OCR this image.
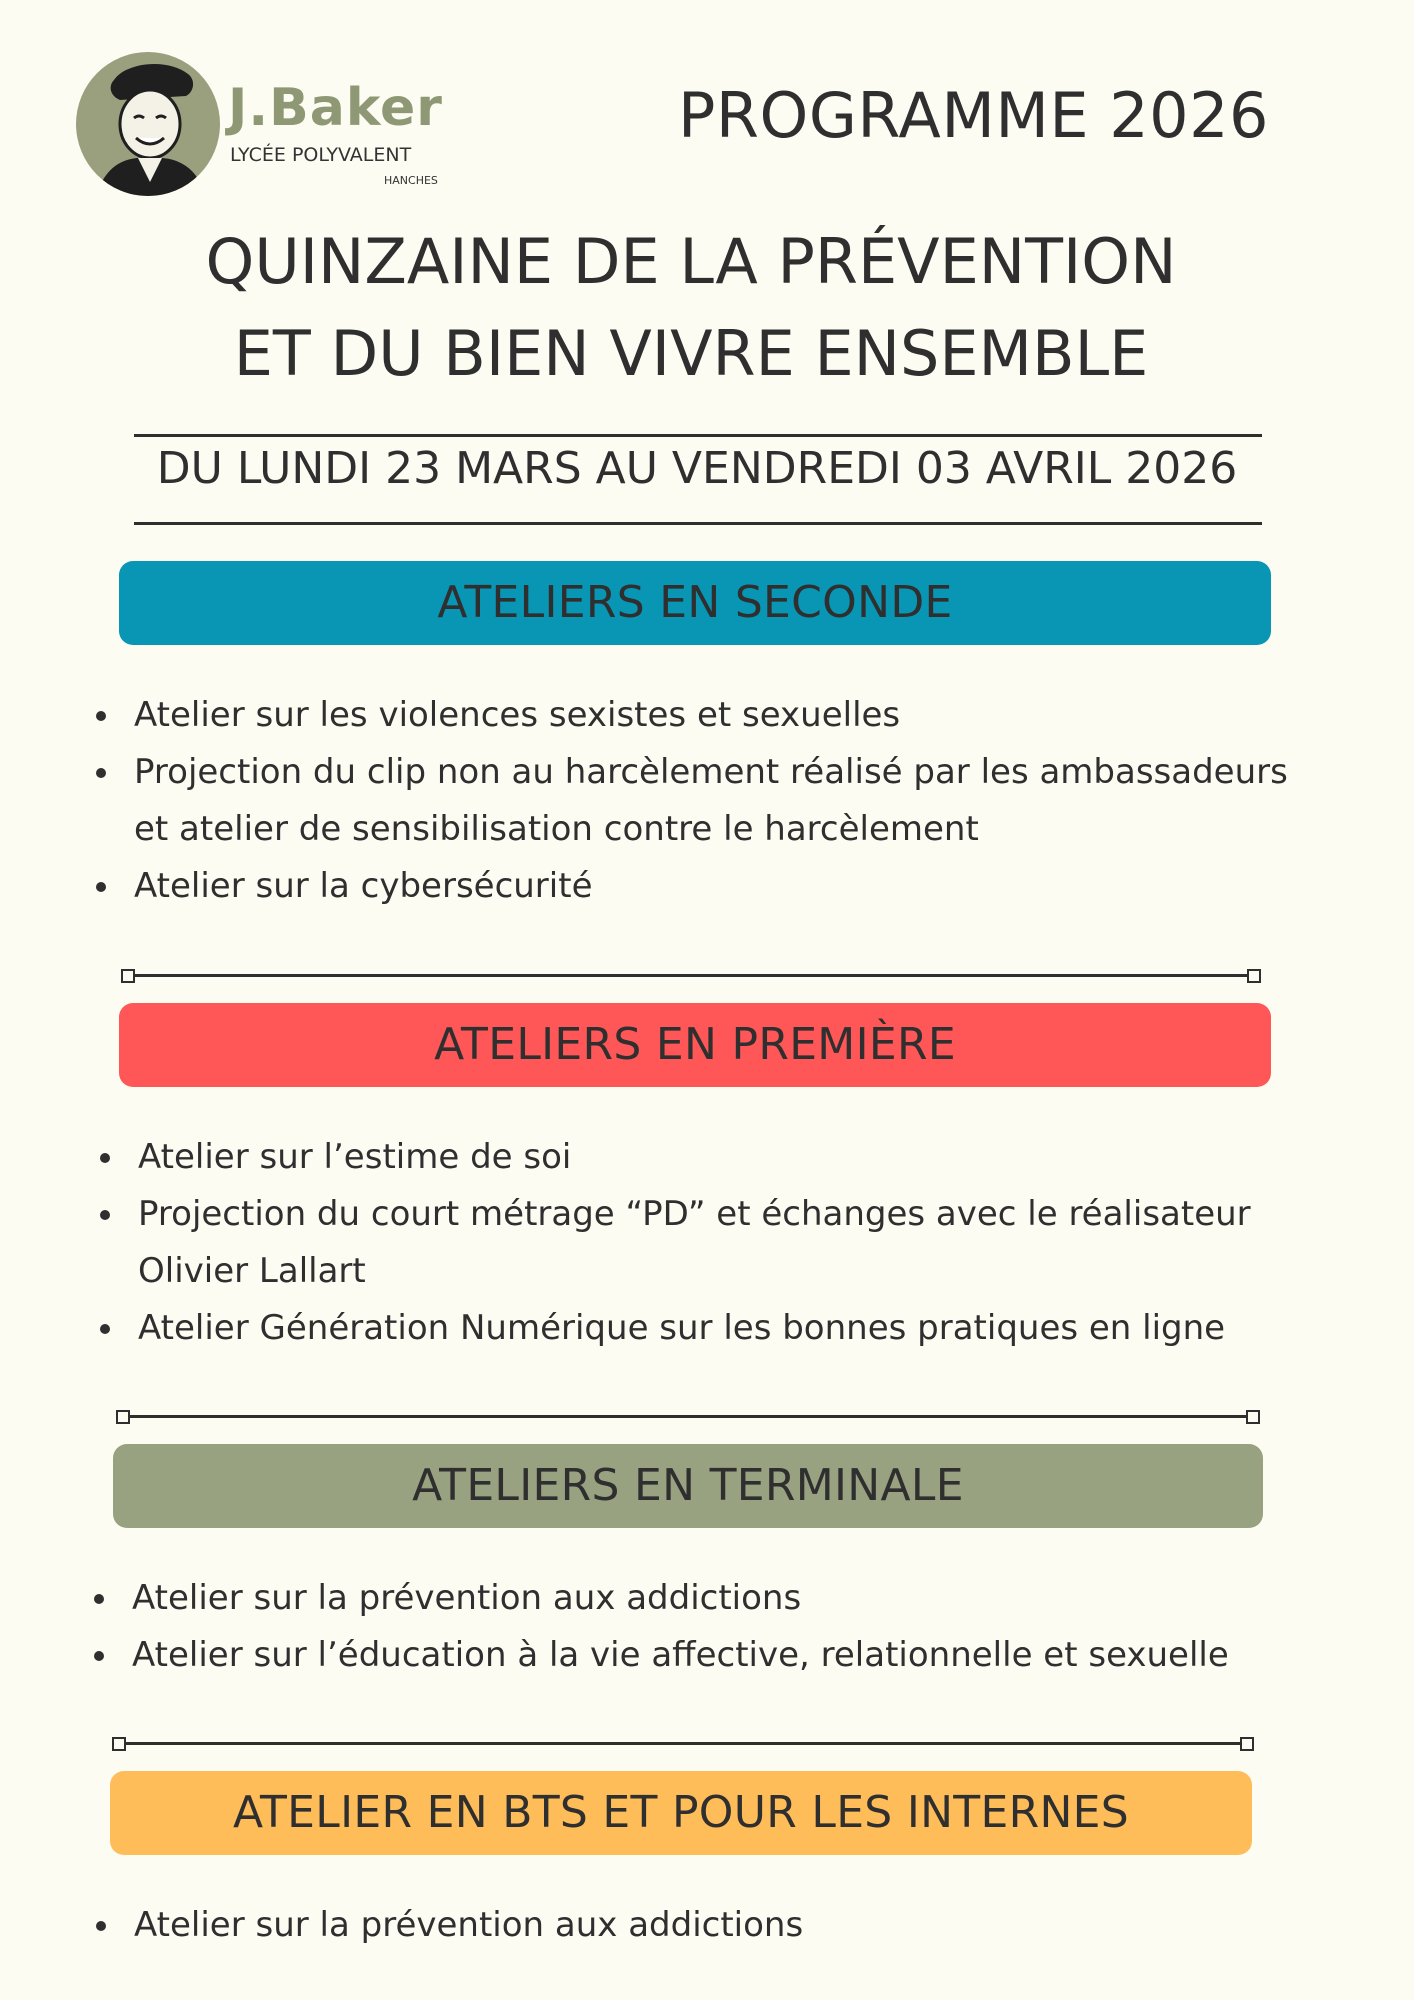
J.Baker
LYCÉE POLYVALENT
HANCHES
PROGRAMME 2026
QUINZAINE DE LA PRÉVENTION
ET DU BIEN VIVRE ENSEMBLE
DU LUNDI 23 MARS AU VENDREDI 03 AVRIL 2026
ATELIERS EN SECONDE
Atelier sur les violences sexistes et sexuelles
Projection du clip non au harcèlement réalisé par les ambassadeurs et atelier de sensibilisation contre le harcèlement
Atelier sur la cybersécurité
ATELIERS EN PREMIÈRE
Atelier sur l’estime de soi
Projection du court métrage “PD” et échanges avec le réalisateur Olivier Lallart
Atelier Génération Numérique sur les bonnes pratiques en ligne
ATELIERS EN TERMINALE
Atelier sur la prévention aux addictions
Atelier sur l’éducation à la vie affective, relationnelle et sexuelle
ATELIER EN BTS ET POUR LES INTERNES
Atelier sur la prévention aux addictions
